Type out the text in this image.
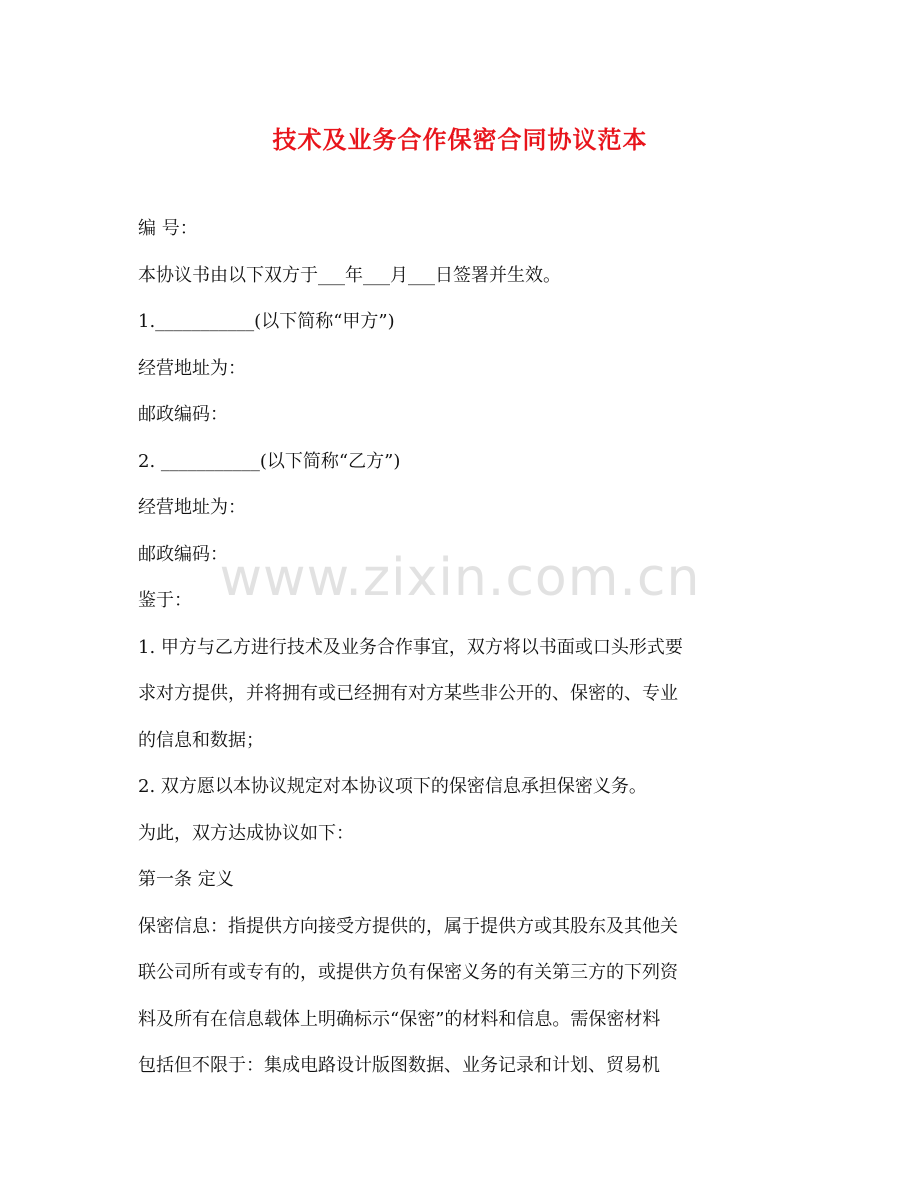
技术及业务合作保密合同协议范本

编 号：

本协议书由以下双方于___年___月___日签署并生效。

1.___________(以下简称“甲方”)

经营地址为：

邮政编码：

2. ___________(以下简称“乙方”)

经营地址为：

邮政编码：

鉴于：

1. 甲方与乙方进行技术及业务合作事宜，双方将以书面或口头形式要

求对方提供，并将拥有或已经拥有对方某些非公开的、保密的、专业

的信息和数据；

2. 双方愿以本协议规定对本协议项下的保密信息承担保密义务。

为此，双方达成协议如下：

第一条 定义

保密信息：指提供方向接受方提供的，属于提供方或其股东及其他关

联公司所有或专有的，或提供方负有保密义务的有关第三方的下列资

料及所有在信息载体上明确标示“保密”的材料和信息。需保密材料

包括但不限于：集成电路设计版图数据、业务记录和计划、贸易机

www.zixin.com.cn
